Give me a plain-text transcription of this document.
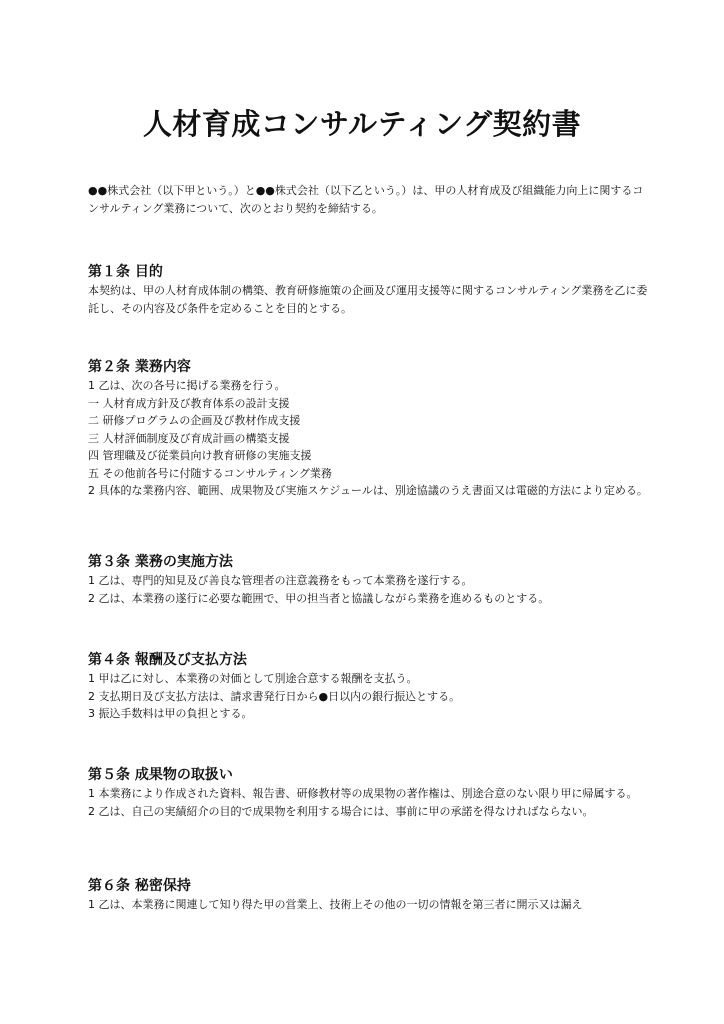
人材育成コンサルティング契約書

●●株式会社（以下甲という。）と●●株式会社（以下乙という。）は、甲の人材育成及び組織能力向上に関するコンサルティング業務について、次のとおり契約を締結する。

第１条 目的

本契約は、甲の人材育成体制の構築、教育研修施策の企画及び運用支援等に関するコンサルティング業務を乙に委託し、その内容及び条件を定めることを目的とする。

第２条 業務内容

1 乙は、次の各号に掲げる業務を行う。

一 人材育成方針及び教育体系の設計支援

二 研修プログラムの企画及び教材作成支援

三 人材評価制度及び育成計画の構築支援

四 管理職及び従業員向け教育研修の実施支援

五 その他前各号に付随するコンサルティング業務

2 具体的な業務内容、範囲、成果物及び実施スケジュールは、別途協議のうえ書面又は電磁的方法により定める。

第３条 業務の実施方法

1 乙は、専門的知見及び善良な管理者の注意義務をもって本業務を遂行する。

2 乙は、本業務の遂行に必要な範囲で、甲の担当者と協議しながら業務を進めるものとする。

第４条 報酬及び支払方法

1 甲は乙に対し、本業務の対価として別途合意する報酬を支払う。

2 支払期日及び支払方法は、請求書発行日から●日以内の銀行振込とする。

3 振込手数料は甲の負担とする。

第５条 成果物の取扱い

1 本業務により作成された資料、報告書、研修教材等の成果物の著作権は、別途合意のない限り甲に帰属する。

2 乙は、自己の実績紹介の目的で成果物を利用する場合には、事前に甲の承諾を得なければならない。

第６条 秘密保持

1 乙は、本業務に関連して知り得た甲の営業上、技術上その他の一切の情報を第三者に開示又は漏え
